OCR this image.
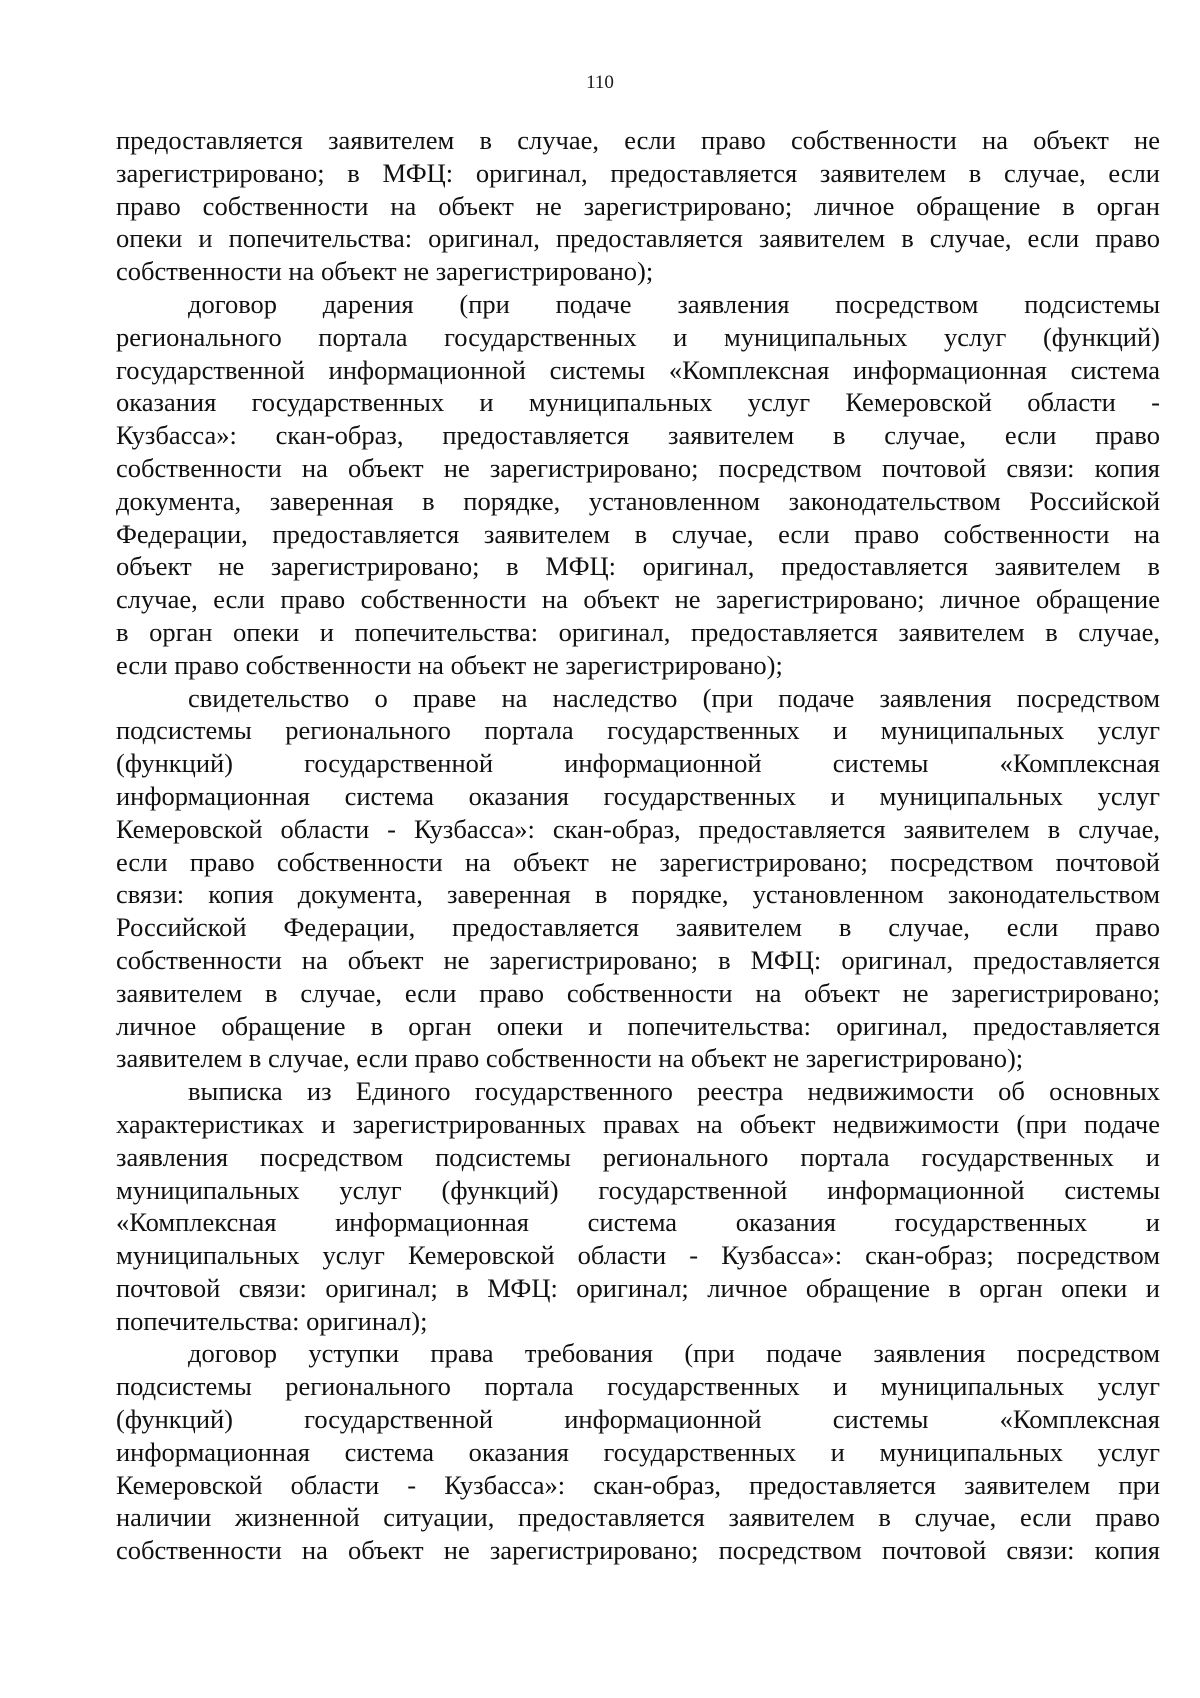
110
предоставляется заявителем в случае, если право собственности на объект не
зарегистрировано; в МФЦ: оригинал, предоставляется заявителем в случае, если
право собственности на объект не зарегистрировано; личное обращение в орган
опеки и попечительства: оригинал, предоставляется заявителем в случае, если право
собственности на объект не зарегистрировано);
договор дарения (при подаче заявления посредством подсистемы
регионального портала государственных и муниципальных услуг (функций)
государственной информационной системы «Комплексная информационная система
оказания государственных и муниципальных услуг Кемеровской области -
Кузбасса»: скан-образ, предоставляется заявителем в случае, если право
собственности на объект не зарегистрировано; посредством почтовой связи: копия
документа, заверенная в порядке, установленном законодательством Российской
Федерации, предоставляется заявителем в случае, если право собственности на
объект не зарегистрировано; в МФЦ: оригинал, предоставляется заявителем в
случае, если право собственности на объект не зарегистрировано; личное обращение
в орган опеки и попечительства: оригинал, предоставляется заявителем в случае,
если право собственности на объект не зарегистрировано);
свидетельство о праве на наследство (при подаче заявления посредством
подсистемы регионального портала государственных и муниципальных услуг
(функций) государственной информационной системы «Комплексная
информационная система оказания государственных и муниципальных услуг
Кемеровской области - Кузбасса»: скан-образ, предоставляется заявителем в случае,
если право собственности на объект не зарегистрировано; посредством почтовой
связи: копия документа, заверенная в порядке, установленном законодательством
Российской Федерации, предоставляется заявителем в случае, если право
собственности на объект не зарегистрировано; в МФЦ: оригинал, предоставляется
заявителем в случае, если право собственности на объект не зарегистрировано;
личное обращение в орган опеки и попечительства: оригинал, предоставляется
заявителем в случае, если право собственности на объект не зарегистрировано);
выписка из Единого государственного реестра недвижимости об основных
характеристиках и зарегистрированных правах на объект недвижимости (при подаче
заявления посредством подсистемы регионального портала государственных и
муниципальных услуг (функций) государственной информационной системы
«Комплексная информационная система оказания государственных и
муниципальных услуг Кемеровской области - Кузбасса»: скан-образ; посредством
почтовой связи: оригинал; в МФЦ: оригинал; личное обращение в орган опеки и
попечительства: оригинал);
договор уступки права требования (при подаче заявления посредством
подсистемы регионального портала государственных и муниципальных услуг
(функций) государственной информационной системы «Комплексная
информационная система оказания государственных и муниципальных услуг
Кемеровской области - Кузбасса»: скан-образ, предоставляется заявителем при
наличии жизненной ситуации, предоставляется заявителем в случае, если право
собственности на объект не зарегистрировано; посредством почтовой связи: копия
